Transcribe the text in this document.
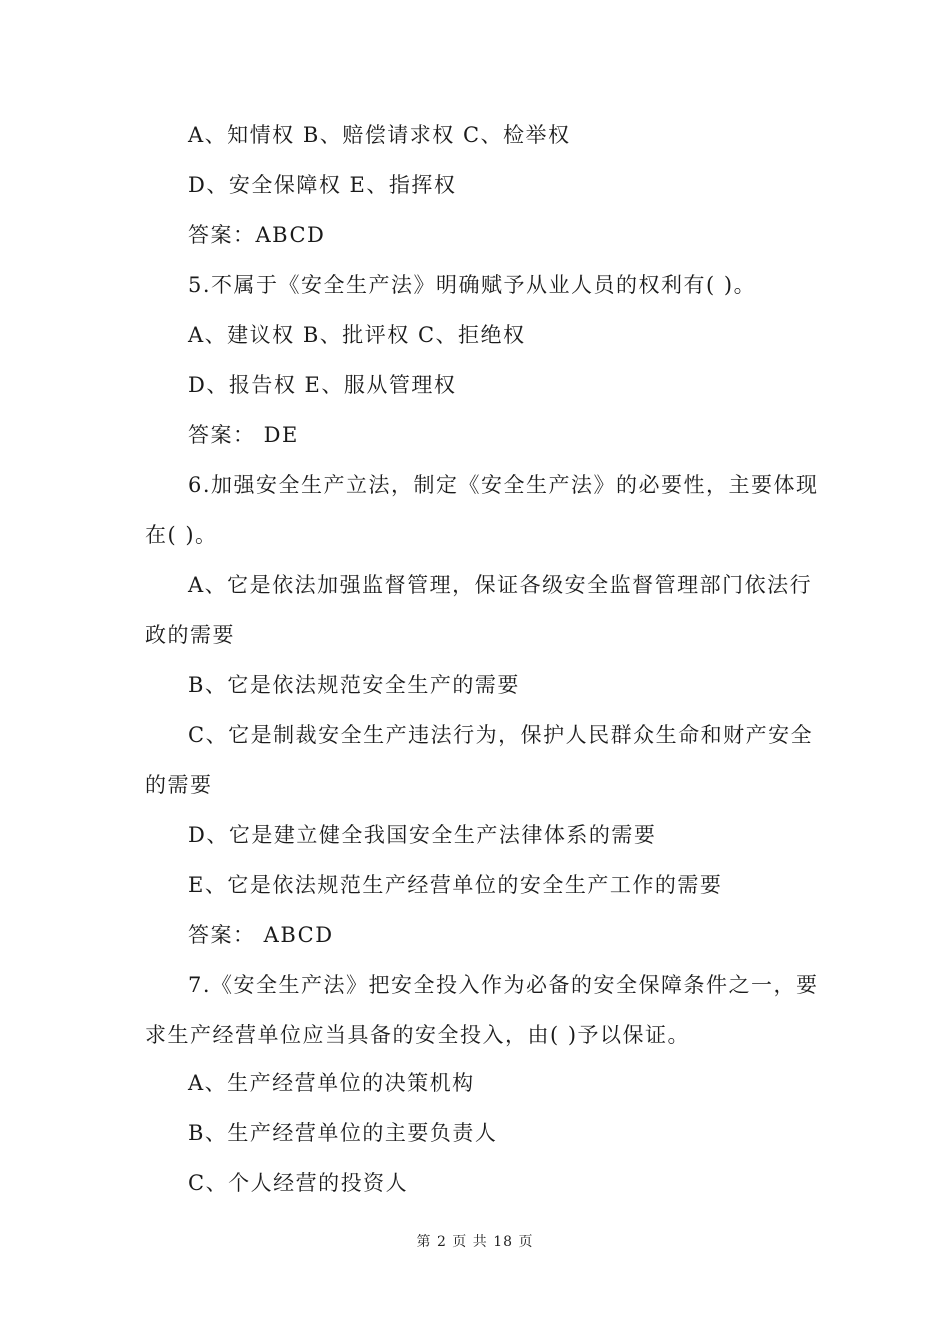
A、知情权 B、赔偿请求权 C、检举权
D、安全保障权 E、指挥权
答案：ABCD
5.不属于《安全生产法》明确赋予从业人员的权利有( )。
A、建议权 B、批评权 C、拒绝权
D、报告权 E、服从管理权
答案： DE
6.加强安全生产立法，制定《安全生产法》的必要性，主要体现
在( )。
A、它是依法加强监督管理，保证各级安全监督管理部门依法行
政的需要
B、它是依法规范安全生产的需要
C、它是制裁安全生产违法行为，保护人民群众生命和财产安全
的需要
D、它是建立健全我国安全生产法律体系的需要
E、它是依法规范生产经营单位的安全生产工作的需要
答案： ABCD
7.《安全生产法》把安全投入作为必备的安全保障条件之一，要
求生产经营单位应当具备的安全投入，由( )予以保证。
A、生产经营单位的决策机构
B、生产经营单位的主要负责人
C、个人经营的投资人
第 2 页 共 18 页
